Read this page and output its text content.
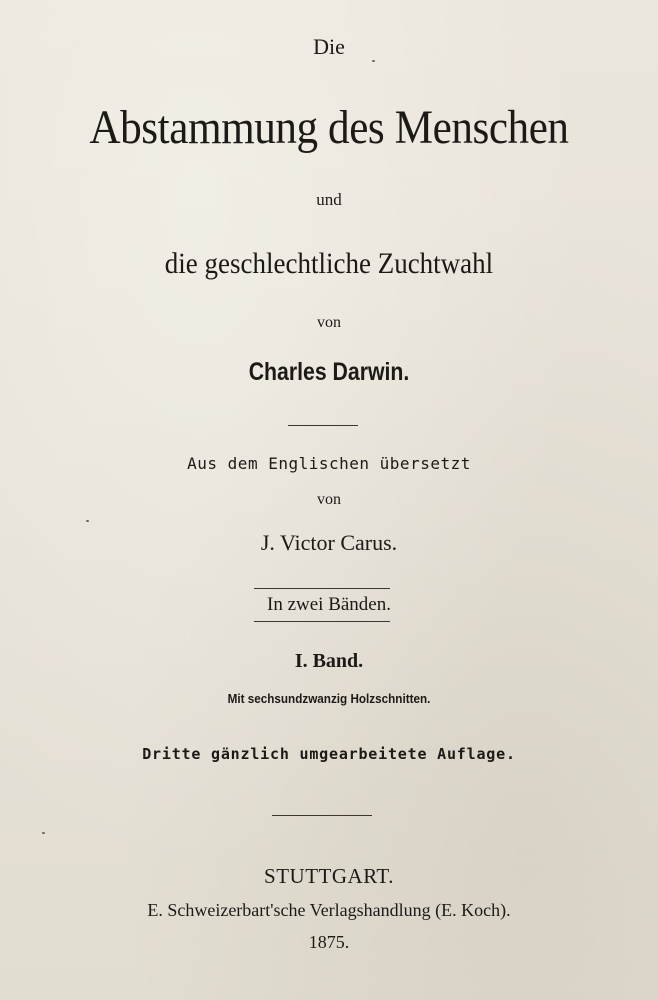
Die
Abstammung des Menschen
und
die geschlechtliche Zuchtwahl
von
Charles Darwin.
Aus dem Englischen übersetzt
von
J. Victor Carus.
In zwei Bänden.
I. Band.
Mit sechsundzwanzig Holzschnitten.
Dritte gänzlich umgearbeitete Auflage.
STUTTGART.
E. Schweizerbart'sche Verlagshandlung (E. Koch).
1875.
